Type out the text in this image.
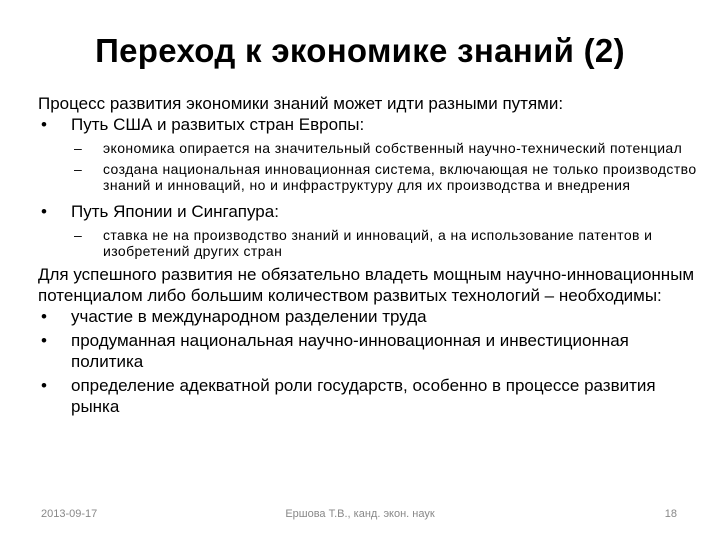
Переход к экономике знаний (2)

Процесс развития экономики знаний может идти разными путями:

• Путь США и развитых стран Европы:
– экономика опирается на значительный собственный научно-технический потенциал
– создана национальная инновационная система, включающая не только производство знаний и инноваций, но и инфраструктуру для их производства и внедрения
• Путь Японии и Сингапура:
– ставка не на производство знаний и инноваций, а на использование патентов и изобретений других стран

Для успешного развития не обязательно владеть мощным научно-инновационным потенциалом либо большим количеством развитых технологий – необходимы:

• участие в международном разделении труда
• продуманная национальная научно-инновационная и инвестиционная политика
• определение адекватной роли государств, особенно в процессе развития рынка
2013-09-17	Ершова Т.В., канд. экон. наук	18
